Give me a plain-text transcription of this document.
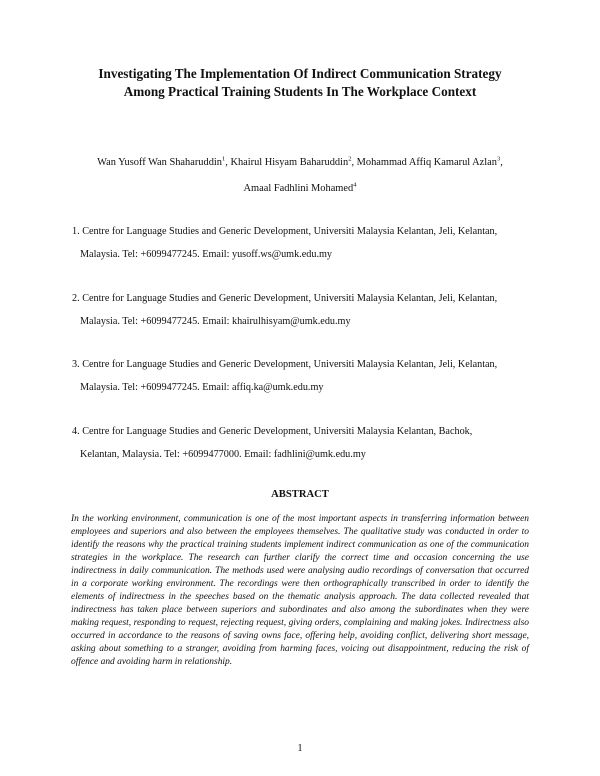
Investigating The Implementation Of Indirect Communication Strategy
Among Practical Training Students In The Workplace Context
Wan Yusoff Wan Shaharuddin$^1$, Khairul Hisyam Baharuddin$^2$, Mohammad Affiq Kamarul Azlan$^3$,
Amaal Fadhlini Mohamed$^4$
1. Centre for Language Studies and Generic Development, Universiti Malaysia Kelantan, Jeli, Kelantan,
Malaysia. Tel: +6099477245. Email: yusoff.ws@umk.edu.my
2. Centre for Language Studies and Generic Development, Universiti Malaysia Kelantan, Jeli, Kelantan,
Malaysia. Tel: +6099477245. Email: khairulhisyam@umk.edu.my
3. Centre for Language Studies and Generic Development, Universiti Malaysia Kelantan, Jeli, Kelantan,
Malaysia. Tel: +6099477245. Email: affiq.ka@umk.edu.my
4. Centre for Language Studies and Generic Development, Universiti Malaysia Kelantan, Bachok,
Kelantan, Malaysia. Tel: +6099477000. Email: fadhlini@umk.edu.my
ABSTRACT
In the working environment, communication is one of the most important aspects in transferring information between employees and superiors and also between the employees themselves. The qualitative study was conducted in order to identify the reasons why the practical training students implement indirect communication as one of the communication strategies in the workplace. The research can further clarify the correct time and occasion concerning the use indirectness in daily communication. The methods used were analysing audio recordings of conversation that occurred in a corporate working environment. The recordings were then orthographically transcribed in order to identify the elements of indirectness in the speeches based on the thematic analysis approach. The data collected revealed that indirectness has taken place between superiors and subordinates and also among the subordinates when they were making request, responding to request, rejecting request, giving orders, complaining and making jokes. Indirectness also occurred in accordance to the reasons of saving owns face, offering help, avoiding conflict, delivering short message, asking about something to a stranger, avoiding from harming faces, voicing out disappointment, reducing the risk of offence and avoiding harm in relationship.
1
